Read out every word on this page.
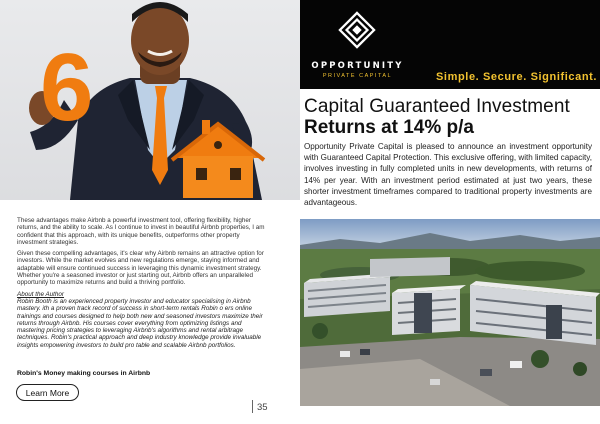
6	OPPORTUNITY
PRIVATE CAPITAL	Simple. Secure. Significant.
Capital Guaranteed Investment
Returns at 14% p/a

Opportunity Private Capital is pleased to announce an investment opportunity with Guaranteed Capital Protection. This exclusive offering, with limited capacity, involves investing in fully completed units in new developments, with returns of 14% per year. With an investment period estimated at just two years, these shorter investment timeframes compared to traditional property investments are advantageous.

These advantages make Airbnb a powerful investment tool, offering flexibility, higher returns, and the ability to scale. As I continue to invest in beautiful Airbnb properties, I am confident that this approach, with its unique benefits, outperforms other property investment strategies.

Given these compelling advantages, it's clear why Airbnb remains an attractive option for investors. While the market evolves and new regulations emerge, staying informed and adaptable will ensure continued success in leveraging this dynamic investment strategy. Whether you're a seasoned investor or just starting out, Airbnb offers an unparalleled opportunity to maximize returns and build a thriving portfolio.

About the Author

Robin Booth is an experienced property investor and educator specialising in Airbnb mastery. ith a proven track record of success in short-term rentals Robin o ers online trainings and courses designed to help both new and seasoned investors maximize their returns through Airbnb. His courses cover everything from optimizing listings and mastering pricing strategies to leveraging Airbnb's algorithms and rental arbitrage techniques. Robin's practical approach and deep industry knowledge provide invaluable insights empowering investors to build pro table and scalable Airbnb portfolios.

Robin's Money making courses in Airbnb
Learn More
35
